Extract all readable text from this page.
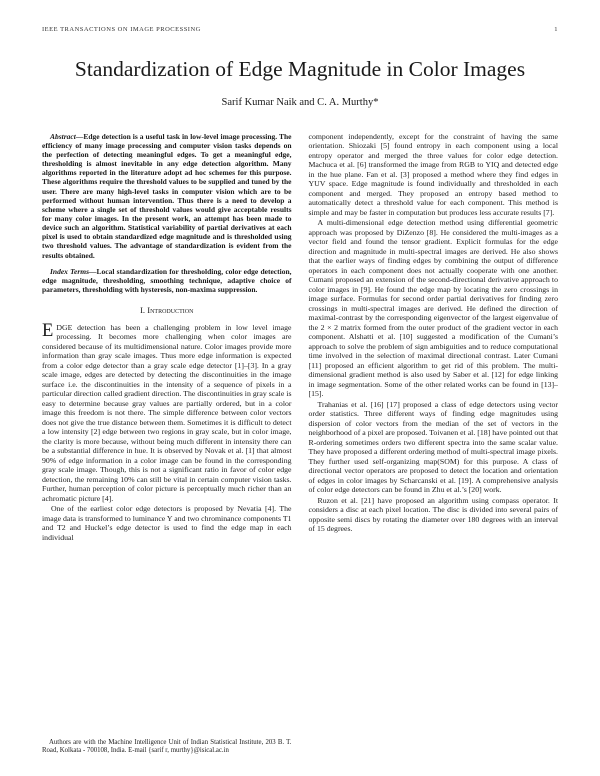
IEEE TRANSACTIONS ON IMAGE PROCESSING	1
Standardization of Edge Magnitude in Color Images
Sarif Kumar Naik and C. A. Murthy*

Abstract—Edge detection is a useful task in low-level image processing. The efficiency of many image processing and computer vision tasks depends on the perfection of detecting meaningful edges. To get a meaningful edge, thresholding is almost inevitable in any edge detection algorithm. Many algorithms reported in the literature adopt ad hoc schemes for this purpose. These algorithms require the threshold values to be supplied and tuned by the user. There are many high-level tasks in computer vision which are to be performed without human intervention. Thus there is a need to develop a scheme where a single set of threshold values would give acceptable results for many color images. In the present work, an attempt has been made to device such an algorithm. Statistical variability of partial derivatives at each pixel is used to obtain standardized edge magnitude and is thresholded using two threshold values. The advantage of standardization is evident from the results obtained.

Index Terms—Local standardization for thresholding, color edge detection, edge magnitude, thresholding, smoothing technique, adaptive choice of parameters, thresholding with hysteresis, non-maxima suppression.

I. Introduction

EDGE detection has been a challenging problem in low level image processing. It becomes more challenging when color images are considered because of its multidimensional nature. Color images provide more information than gray scale images. Thus more edge information is expected from a color edge detector than a gray scale edge detector [1]–[3]. In a gray scale image, edges are detected by detecting the discontinuities in the image surface i.e. the discontinuities in the intensity of a sequence of pixels in a particular direction called gradient direction. The discontinuities in gray scale is easy to determine because gray values are partially ordered, but in a color image this freedom is not there. The simple difference between color vectors does not give the true distance between them. Sometimes it is difficult to detect a low intensity [2] edge between two regions in gray scale, but in color image, the clarity is more because, without being much different in intensity there can be a substantial difference in hue. It is observed by Novak et al. [1] that almost 90% of edge information in a color image can be found in the corresponding gray scale image. Though, this is not a significant ratio in favor of color edge detection, the remaining 10% can still be vital in certain computer vision tasks. Further, human perception of color picture is perceptually much richer than an achromatic picture [4].

One of the earliest color edge detectors is proposed by Nevatia [4]. The image data is transformed to luminance Y and two chrominance components T1 and T2 and Huckel’s edge detector is used to find the edge map in each individual

Authors are with the Machine Intelligence Unit of Indian Statistical Institute, 203 B. T. Road, Kolkata - 700108, India. E-mail {sarif r, murthy}@isical.ac.in

component independently, except for the constraint of having the same orientation. Shiozaki [5] found entropy in each component using a local entropy operator and merged the three values for color edge detection. Machuca et al. [6] transformed the image from RGB to YIQ and detected edge in the hue plane. Fan et al. [3] proposed a method where they find edges in YUV space. Edge magnitude is found individually and thresholded in each component and merged. They proposed an entropy based method to automatically detect a threshold value for each component. This method is simple and may be faster in computation but produces less accurate results [7].

A multi-dimensional edge detection method using differential geometric approach was proposed by DiZenzo [8]. He considered the multi-images as a vector field and found the tensor gradient. Explicit formulas for the edge direction and magnitude in multi-spectral images are derived. He also shows that the earlier ways of finding edges by combining the output of difference operators in each component does not actually cooperate with one another. Cumani proposed an extension of the second-directional derivative approach to color images in [9]. He found the edge map by locating the zero crossings in image surface. Formulas for second order partial derivatives for finding zero crossings in multi-spectral images are derived. He defined the direction of maximal-contrast by the corresponding eigenvector of the largest eigenvalue of the 2 × 2 matrix formed from the outer product of the gradient vector in each component. Alshatti et al. [10] suggested a modification of the Cumani’s approach to solve the problem of sign ambiguities and to reduce computational time involved in the selection of maximal directional contrast. Later Cumani [11] proposed an efficient algorithm to get rid of this problem. The multi-dimensional gradient method is also used by Saber et al. [12] for edge linking in image segmentation. Some of the other related works can be found in [13]–[15].

Trahanias et al. [16] [17] proposed a class of edge detectors using vector order statistics. Three different ways of finding edge magnitudes using dispersion of color vectors from the median of the set of vectors in the neighborhood of a pixel are proposed. Toivanen et al. [18] have pointed out that R-ordering sometimes orders two different spectra into the same scalar value. They have proposed a different ordering method of multi-spectral image pixels. They further used self-organizing map(SOM) for this purpose. A class of directional vector operators are proposed to detect the location and orientation of edges in color images by Scharcanski et al. [19]. A comprehensive analysis of color edge detectors can be found in Zhu et al.’s [20] work.

Ruzon et al. [21] have proposed an algorithm using compass operator. It considers a disc at each pixel location. The disc is divided into several pairs of opposite semi discs by rotating the diameter over 180 degrees with an interval of 15 degrees.
